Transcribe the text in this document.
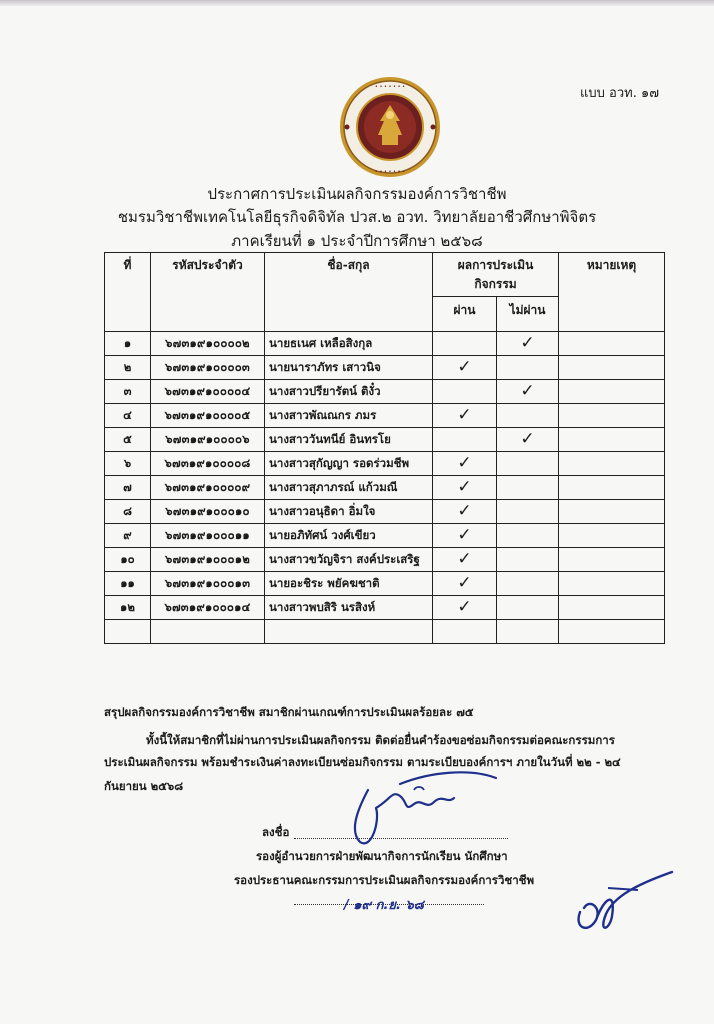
แบบ อวท. ๑๗
• • • • • • •
• • • • • • •
ประกาศการประเมินผลกิจกรรมองค์การวิชาชีพ
ชมรมวิชาชีพเทคโนโลยีธุรกิจดิจิทัล ปวส.๒ อวท. วิทยาลัยอาชีวศึกษาพิจิตร
ภาคเรียนที่ ๑ ประจำปีการศึกษา ๒๕๖๘
ที่	รหัสประจำตัว	ชื่อ-สกุล	ผลการประเมิน กิจกรรม		หมายเหตุ
			ผ่าน	ไม่ผ่าน	
๑	๖๗๓๑๙๑๐๐๐๐๒	นายธเนศ เหลือสิงกุล		✓	
๒	๖๗๓๑๙๑๐๐๐๐๓	นายนาราภัทร เสาวนิจ	✓		
๓	๖๗๓๑๙๑๐๐๐๐๔	นางสาวปรียารัตน์ ติงั๋ว		✓	
๔	๖๗๓๑๙๑๐๐๐๐๕	นางสาวพัณณกร ภมร	✓		
๕	๖๗๓๑๙๑๐๐๐๐๖	นางสาววันทนีย์ อินทรโย		✓	
๖	๖๗๓๑๙๑๐๐๐๐๘	นางสาวสุกัญญา รอดร่วมชีพ	✓		
๗	๖๗๓๑๙๑๐๐๐๐๙	นางสาวสุภาภรณ์ แก้วมณี	✓		
๘	๖๗๓๑๙๑๐๐๐๑๐	นางสาวอนุธิดา อิ่มใจ	✓		
๙	๖๗๓๑๙๑๐๐๐๑๑	นายอภิทัศน์ วงศ์เขียว	✓		
๑๐	๖๗๓๑๙๑๐๐๐๑๒	นางสาวขวัญจิรา สงค์ประเสริฐ	✓		
๑๑	๖๗๓๑๙๑๐๐๐๑๓	นายอะชิระ พยัคฆชาติ	✓		
๑๒	๖๗๓๑๙๑๐๐๐๑๔	นางสาวพบสิริ นรสิงห์	✓		

สรุปผลกิจกรรมองค์การวิชาชีพ สมาชิกผ่านเกณฑ์การประเมินผลร้อยละ ๗๕
ทั้งนี้ให้สมาชิกที่ไม่ผ่านการประเมินผลกิจกรรม ติดต่อยื่นคำร้องขอซ่อมกิจกรรมต่อคณะกรรมการ
ประเมินผลกิจกรรม พร้อมชำระเงินค่าลงทะเบียนซ่อมกิจกรรม ตามระเบียบองค์การฯ ภายในวันที่ ๒๒ - ๒๔
กันยายน ๒๕๖๘
ลงชื่อ
รองผู้อำนวยการฝ่ายพัฒนากิจการนักเรียน นักศึกษา
รองประธานคณะกรรมการประเมินผลกิจกรรมองค์การวิชาชีพ
/ ๑๙ ก.ย. ๖๘
